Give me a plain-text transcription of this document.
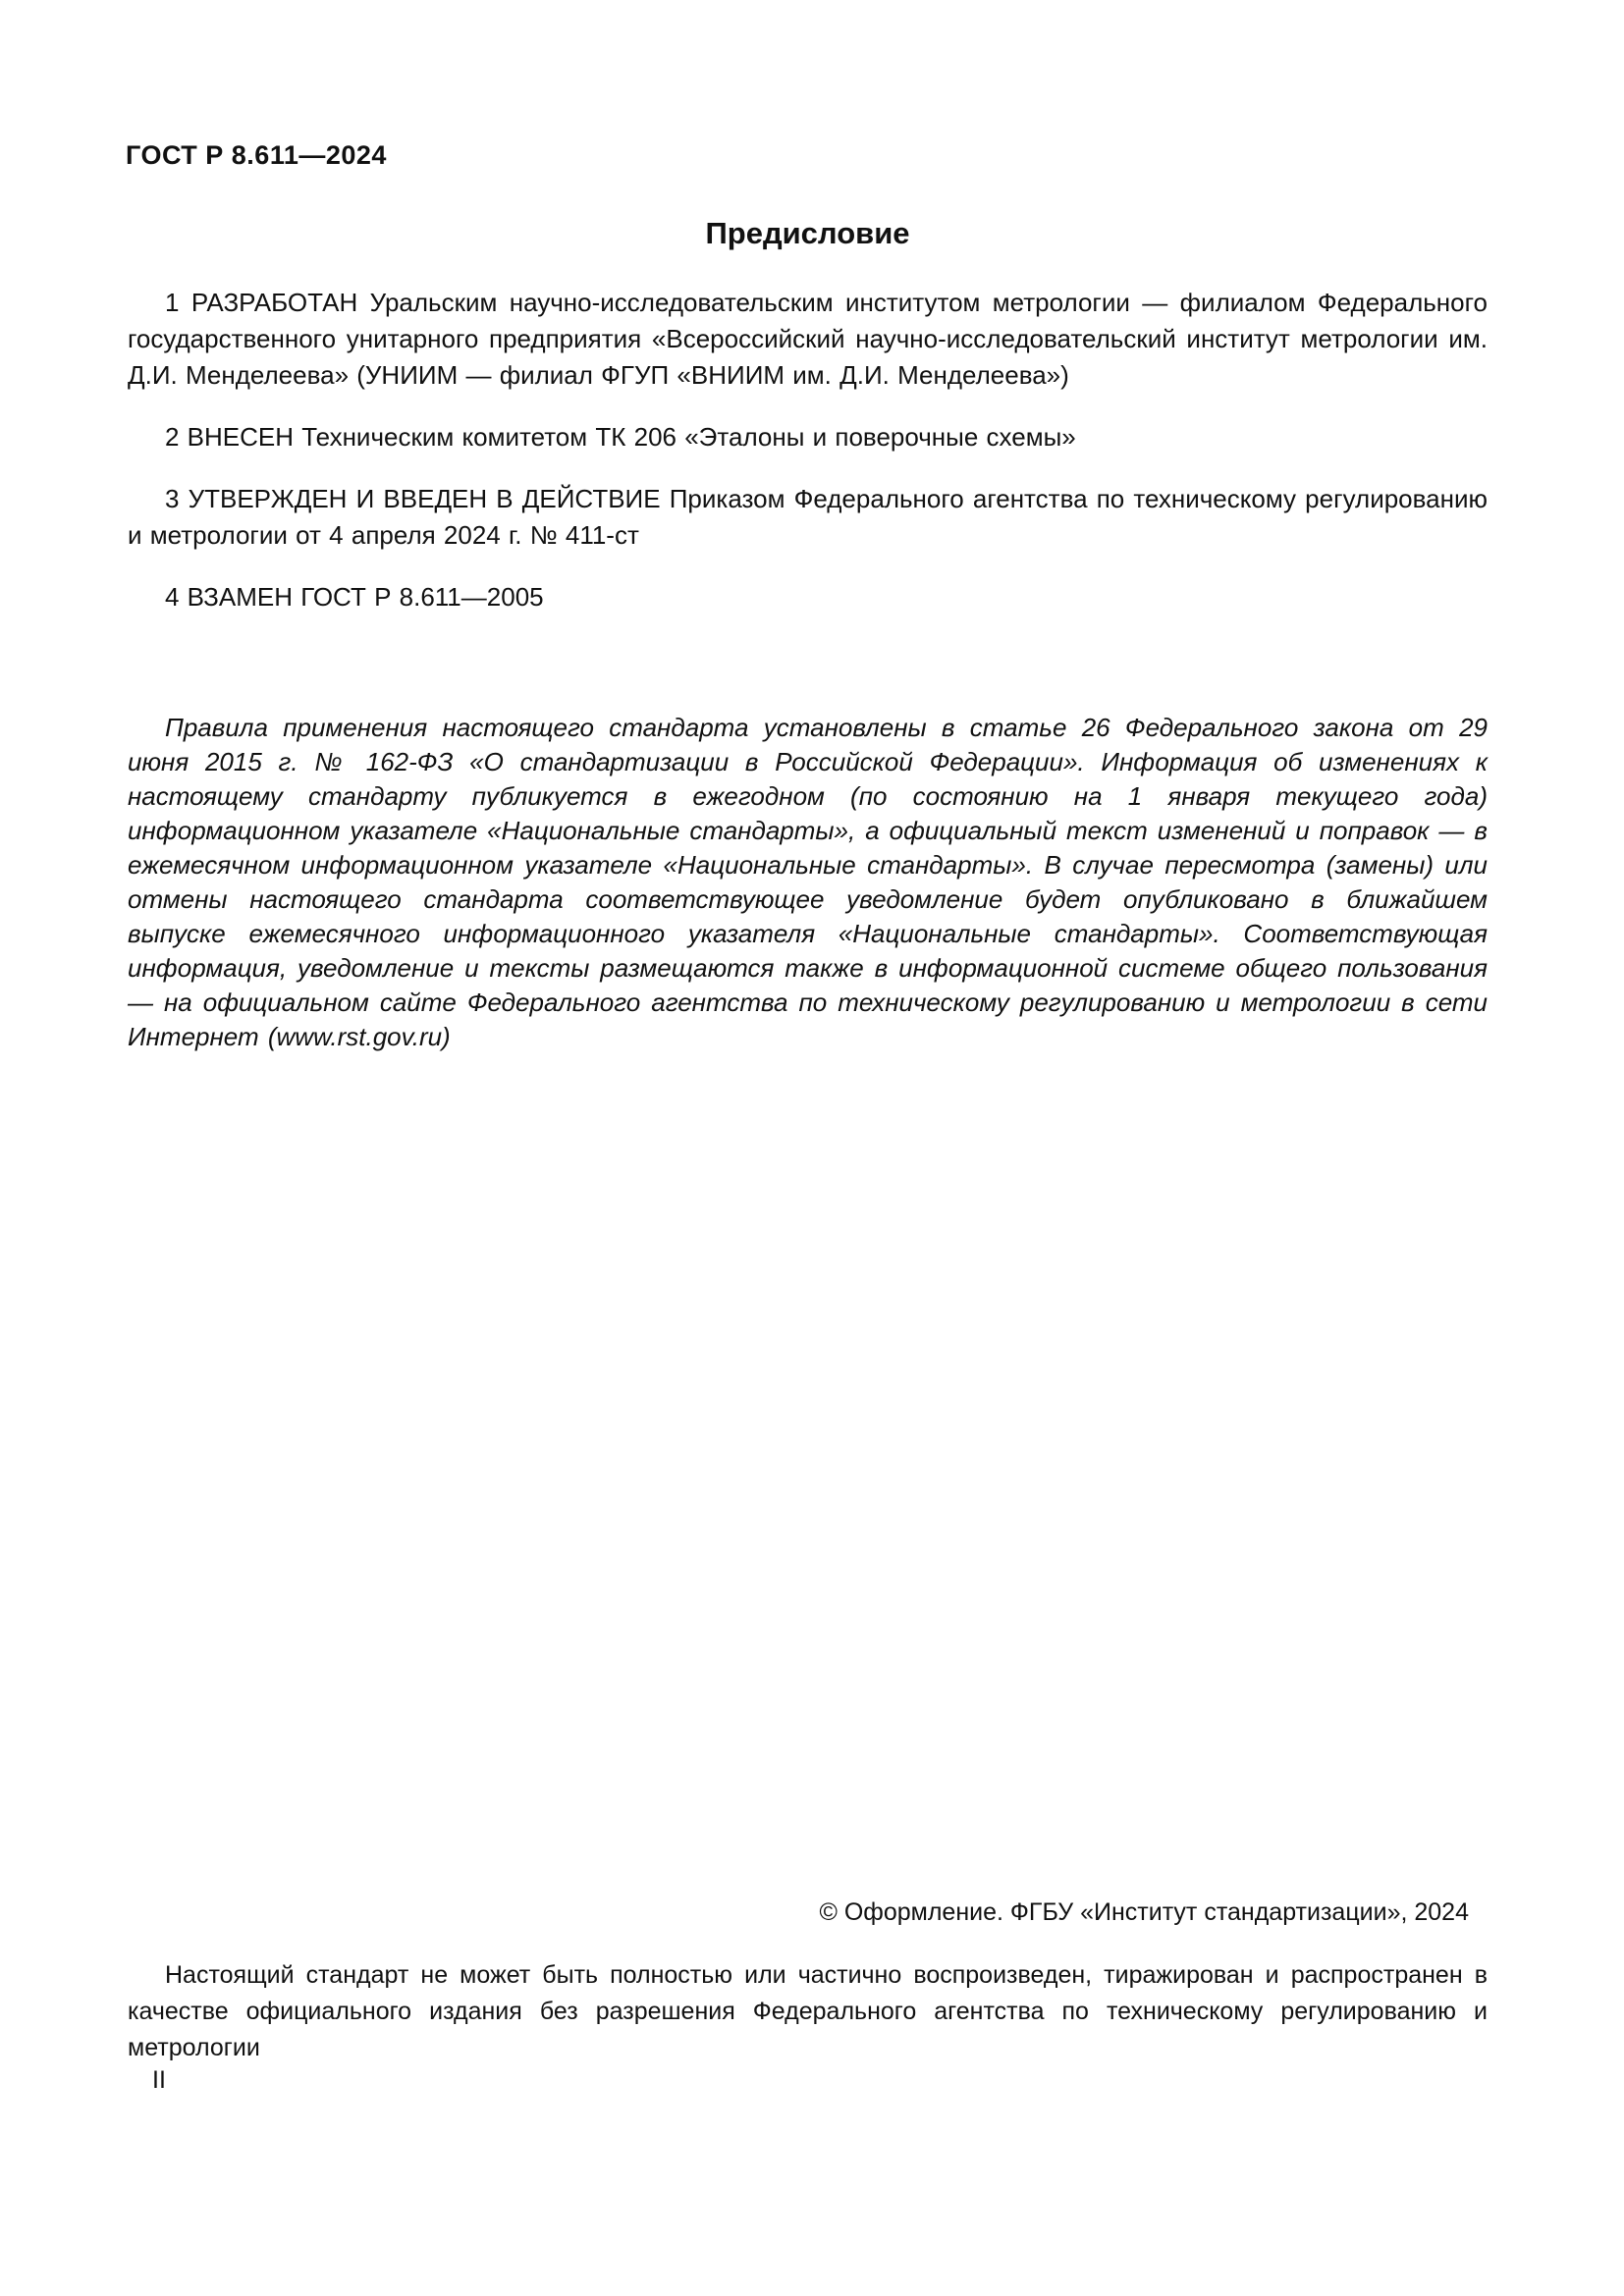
ГОСТ Р 8.611—2024
Предисловие

1 РАЗРАБОТАН Уральским научно-исследовательским институтом метрологии — филиалом Федерального государственного унитарного предприятия «Всероссийский научно-исследовательский институт метрологии им. Д.И. Менделеева» (УНИИМ — филиал ФГУП «ВНИИМ им. Д.И. Менделеева»)

2 ВНЕСЕН Техническим комитетом ТК 206 «Эталоны и поверочные схемы»

3 УТВЕРЖДЕН И ВВЕДЕН В ДЕЙСТВИЕ Приказом Федерального агентства по техническому регулированию и метрологии от 4 апреля 2024 г. № 411-ст

4 ВЗАМЕН ГОСТ Р 8.611—2005

Правила применения настоящего стандарта установлены в статье 26 Федерального закона от 29 июня 2015 г. № 162-ФЗ «О стандартизации в Российской Федерации». Информация об изменениях к настоящему стандарту публикуется в ежегодном (по состоянию на 1 января текущего года) информационном указателе «Национальные стандарты», а официальный текст изменений и поправок — в ежемесячном информационном указателе «Национальные стандарты». В случае пересмотра (замены) или отмены настоящего стандарта соответствующее уведомление будет опубликовано в ближайшем выпуске ежемесячного информационного указателя «Национальные стандарты». Соответствующая информация, уведомление и тексты размещаются также в информационной системе общего пользования — на официальном сайте Федерального агентства по техническому регулированию и метрологии в сети Интернет (www.rst.gov.ru)

© Оформление. ФГБУ «Институт стандартизации», 2024

Настоящий стандарт не может быть полностью или частично воспроизведен, тиражирован и распространен в качестве официального издания без разрешения Федерального агентства по техническому регулированию и метрологии

II
